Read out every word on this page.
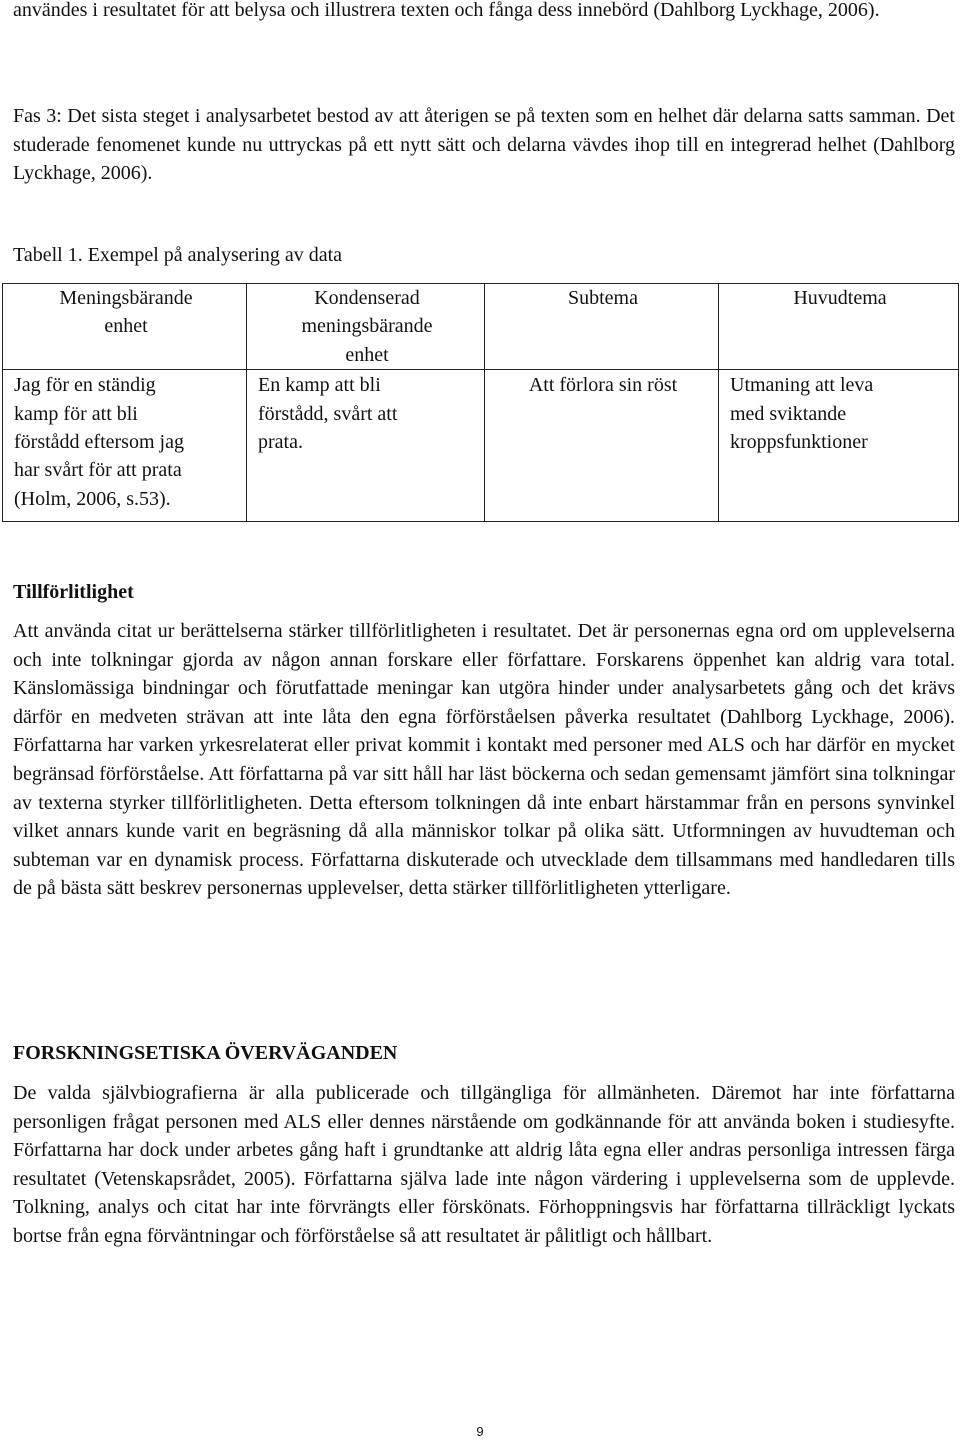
användes i resultatet för att belysa och illustrera texten och fånga dess innebörd (Dahlborg Lyckhage, 2006).

Fas 3: Det sista steget i analysarbetet bestod av att återigen se på texten som en helhet där delarna satts samman. Det studerade fenomenet kunde nu uttryckas på ett nytt sätt och delarna vävdes ihop till en integrerad helhet (Dahlborg Lyckhage, 2006).

Tabell 1. Exempel på analysering av data
Meningsbärande
enhet	Kondenserad
meningsbärande
enhet	Subtema	Huvudtema

Jag för en ständig
kamp för att bli
förstådd eftersom jag
har svårt för att prata
(Holm, 2006, s.53).	En kamp att bli
förstådd, svårt att
prata.	Att förlora sin röst	Utmaning att leva
med sviktande
kroppsfunktioner
Tillförlitlighet

Att använda citat ur berättelserna stärker tillförlitligheten i resultatet. Det är personernas egna ord om upplevelserna och inte tolkningar gjorda av någon annan forskare eller författare. Forskarens öppenhet kan aldrig vara total. Känslomässiga bindningar och förutfattade meningar kan utgöra hinder under analysarbetets gång och det krävs därför en medveten strävan att inte låta den egna förförståelsen påverka resultatet (Dahlborg Lyckhage, 2006). Författarna har varken yrkesrelaterat eller privat kommit i kontakt med personer med ALS och har därför en mycket begränsad förförståelse. Att författarna på var sitt håll har läst böckerna och sedan gemensamt jämfört sina tolkningar av texterna styrker tillförlitligheten. Detta eftersom tolkningen då inte enbart härstammar från en persons synvinkel vilket annars kunde varit en begräsning då alla människor tolkar på olika sätt. Utformningen av huvudteman och subteman var en dynamisk process. Författarna diskuterade och utvecklade dem tillsammans med handledaren tills de på bästa sätt beskrev personernas upplevelser, detta stärker tillförlitligheten ytterligare.

FORSKNINGSETISKA ÖVERVÄGANDEN

De valda självbiografierna är alla publicerade och tillgängliga för allmänheten. Däremot har inte författarna personligen frågat personen med ALS eller dennes närstående om godkännande för att använda boken i studiesyfte. Författarna har dock under arbetes gång haft i grundtanke att aldrig låta egna eller andras personliga intressen färga resultatet (Vetenskapsrådet, 2005). Författarna själva lade inte någon värdering i upplevelserna som de upplevde. Tolkning, analys och citat har inte förvrängts eller förskönats. Förhoppningsvis har författarna tillräckligt lyckats bortse från egna förväntningar och förförståelse så att resultatet är pålitligt och hållbart.

9
